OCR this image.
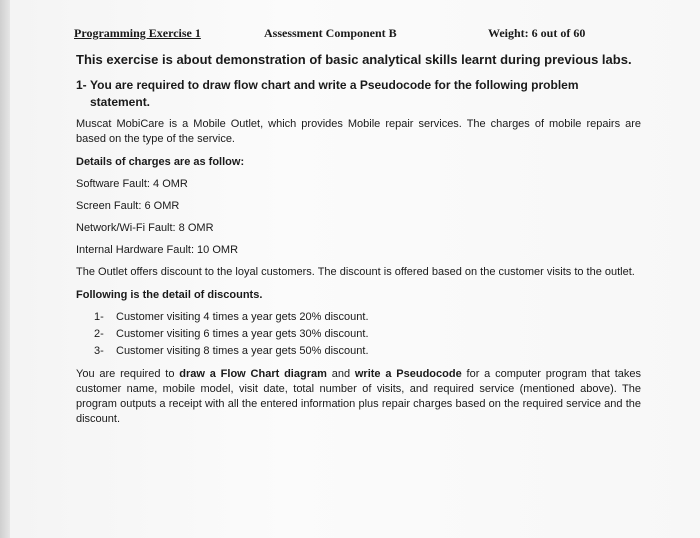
Programming Exercise 1	Assessment Component B	Weight: 6 out of 60

This exercise is about demonstration of basic analytical skills learnt during previous labs.

1- You are required to draw flow chart and write a Pseudocode for the following problem statement.

Muscat MobiCare is a Mobile Outlet, which provides Mobile repair services. The charges of mobile repairs are based on the type of the service.

Details of charges are as follow:

Software Fault: 4 OMR

Screen Fault: 6 OMR

Network/Wi-Fi Fault: 8 OMR

Internal Hardware Fault: 10 OMR

The Outlet offers discount to the loyal customers. The discount is offered based on the customer visits to the outlet.

Following is the detail of discounts.

1-	Customer visiting 4 times a year gets 20% discount.
2-	Customer visiting 6 times a year gets 30% discount.
3-	Customer visiting 8 times a year gets 50% discount.

You are required to draw a Flow Chart diagram and write a Pseudocode for a computer program that takes customer name, mobile model, visit date, total number of visits, and required service (mentioned above). The program outputs a receipt with all the entered information plus repair charges based on the required service and the discount.
